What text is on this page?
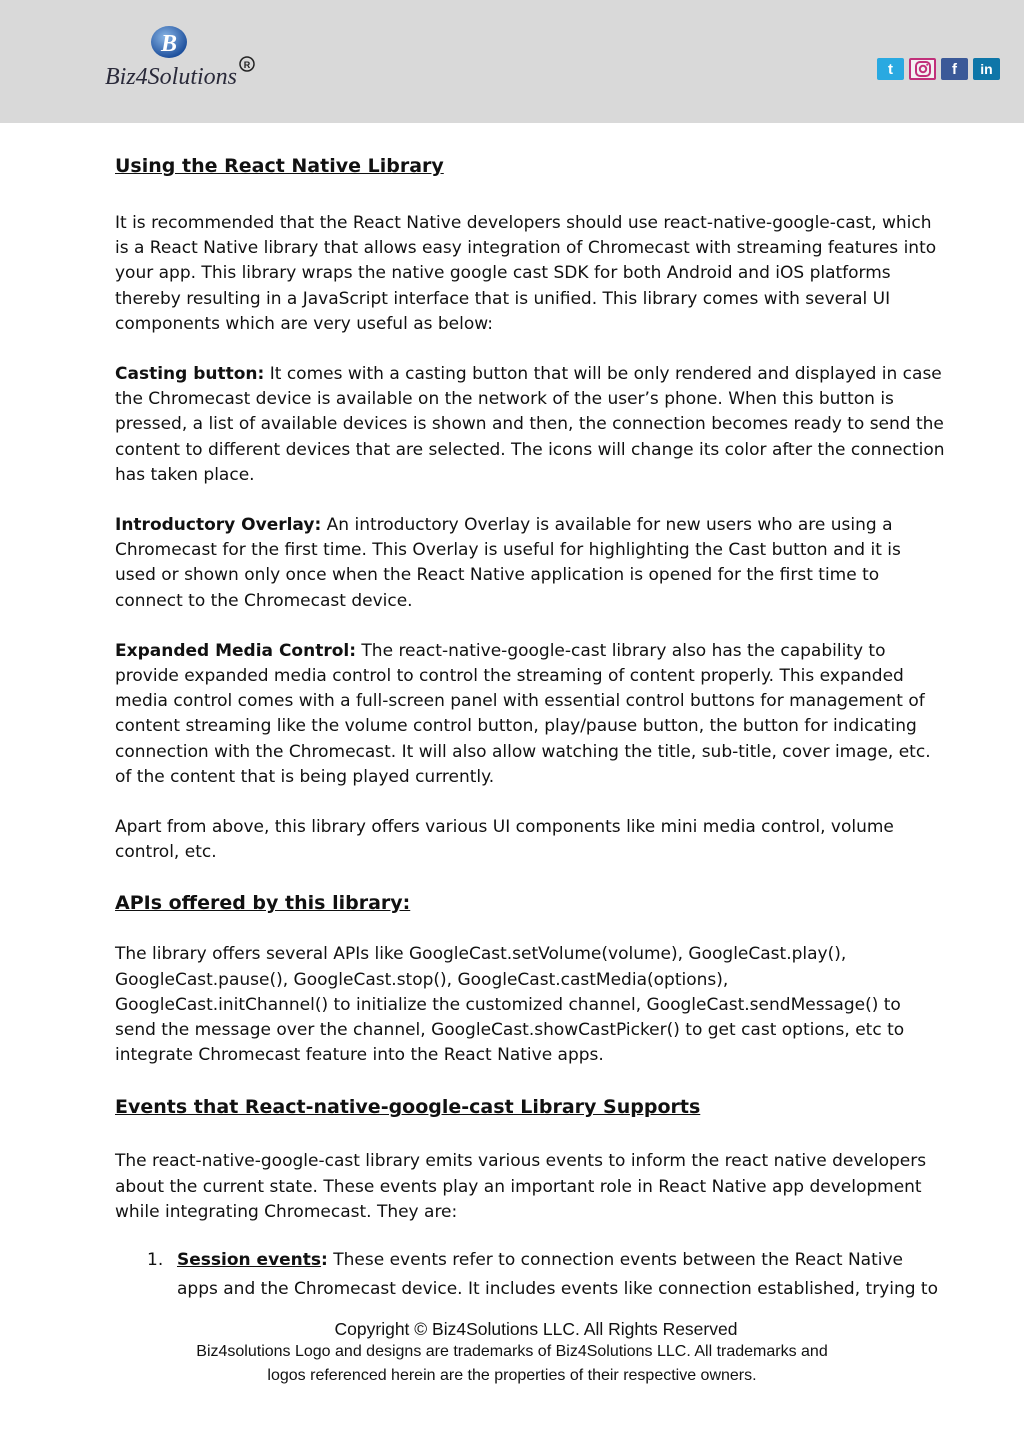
B
R
Biz4Solutions	t	f in
Using the React Native Library

It is recommended that the React Native developers should use react-native-google-cast, which is a React Native library that allows easy integration of Chromecast with streaming features into your app. This library wraps the native google cast SDK for both Android and iOS platforms thereby resulting in a JavaScript interface that is unified. This library comes with several UI components which are very useful as below:

Casting button: It comes with a casting button that will be only rendered and displayed in case the Chromecast device is available on the network of the user’s phone. When this button is pressed, a list of available devices is shown and then, the connection becomes ready to send the content to different devices that are selected. The icons will change its color after the connection has taken place.

Introductory Overlay: An introductory Overlay is available for new users who are using a Chromecast for the first time. This Overlay is useful for highlighting the Cast button and it is used or shown only once when the React Native application is opened for the first time to connect to the Chromecast device.

Expanded Media Control: The react-native-google-cast library also has the capability to provide expanded media control to control the streaming of content properly. This expanded media control comes with a full-screen panel with essential control buttons for management of content streaming like the volume control button, play/pause button, the button for indicating connection with the Chromecast. It will also allow watching the title, sub-title, cover image, etc. of the content that is being played currently.

Apart from above, this library offers various UI components like mini media control, volume control, etc.

APIs offered by this library:

The library offers several APIs like GoogleCast.setVolume(volume), GoogleCast.play(), GoogleCast.pause(), GoogleCast.stop(), GoogleCast.castMedia(options), GoogleCast.initChannel() to initialize the customized channel, GoogleCast.sendMessage() to send the message over the channel, GoogleCast.showCastPicker() to get cast options, etc to integrate Chromecast feature into the React Native apps.

Events that React-native-google-cast Library Supports

The react-native-google-cast library emits various events to inform the react native developers about the current state. These events play an important role in React Native app development while integrating Chromecast. They are:

1. Session events: These events refer to connection events between the React Native apps and the Chromecast device. It includes events like connection established, trying to
Copyright © Biz4Solutions LLC. All Rights Reserved
Biz4solutions Logo and designs are trademarks of Biz4Solutions LLC. All trademarks and
logos referenced herein are the properties of their respective owners.
